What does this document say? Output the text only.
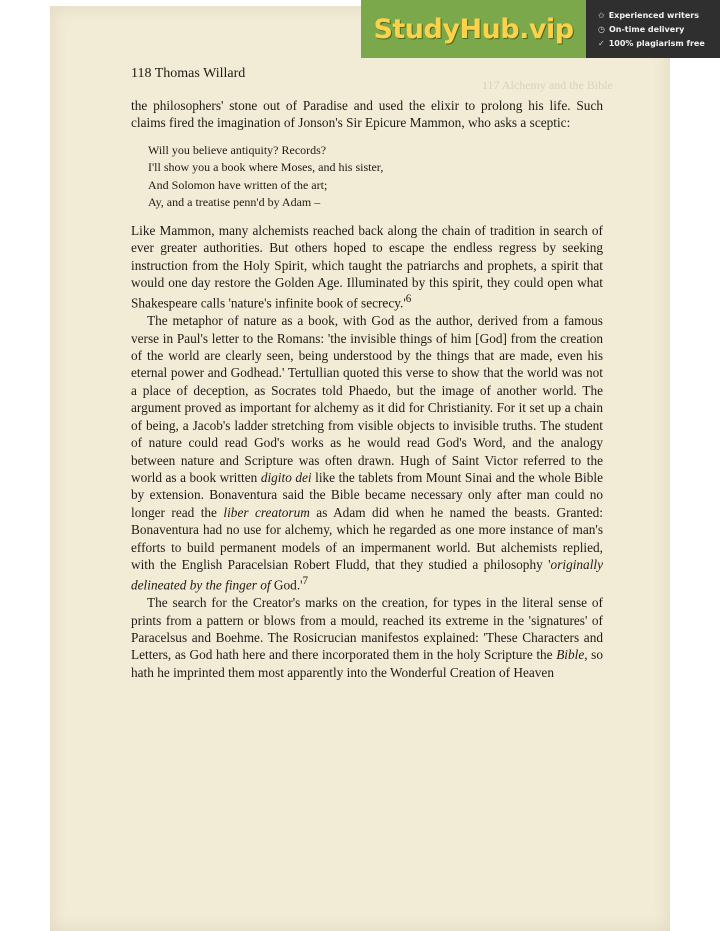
117 Alchemy and the Bible
StudyHub.vip	✩ Experienced writers
◷ On-time delivery
✓ 100% plagiarism free
118 Thomas Willard

the philosophers' stone out of Paradise and used the elixir to prolong his life. Such claims fired the imagination of Jonson's Sir Epicure Mammon, who asks a sceptic:

Will you believe antiquity? Records?
I'll show you a book where Moses, and his sister,
And Solomon have written of the art;
Ay, and a treatise penn'd by Adam –

Like Mammon, many alchemists reached back along the chain of tradition in search of ever greater authorities. But others hoped to escape the endless regress by seeking instruction from the Holy Spirit, which taught the patriarchs and prophets, a spirit that would one day restore the Golden Age. Illuminated by this spirit, they could open what Shakespeare calls 'nature's infinite book of $secrecy.'^6$

The metaphor of nature as a book, with God as the author, derived from a famous verse in Paul's letter to the Romans: 'the invisible things of him [God] from the creation of the world are clearly seen, being understood by the things that are made, even his eternal power and Godhead.' Tertullian quoted this verse to show that the world was not a place of deception, as Socrates told Phaedo, but the image of another world. The argument proved as important for alchemy as it did for Christianity. For it set up a chain of being, a Jacob's ladder stretching from visible objects to invisible truths. The student of nature could read God's works as he would read God's Word, and the analogy between nature and Scripture was often drawn. Hugh of Saint Victor referred to the world as a book written digito dei like the tablets from Mount Sinai and the whole Bible by extension. Bonaventura said the Bible became necessary only after man could no longer read the liber creatorum as Adam did when he named the beasts. Granted: Bonaventura had no use for alchemy, which he regarded as one more instance of man's efforts to build permanent models of an impermanent world. But alchemists replied, with the English Paracelsian Robert Fludd, that they studied a philosophy 'originally delineated by the finger of $God.'^7$

The search for the Creator's marks on the creation, for types in the literal sense of prints from a pattern or blows from a mould, reached its extreme in the 'signatures' of Paracelsus and Boehme. The Rosicrucian manifestos explained: 'These Characters and Letters, as God hath here and there incorporated them in the holy Scripture the Bible, so hath he imprinted them most apparently into the Wonderful Creation of Heaven
